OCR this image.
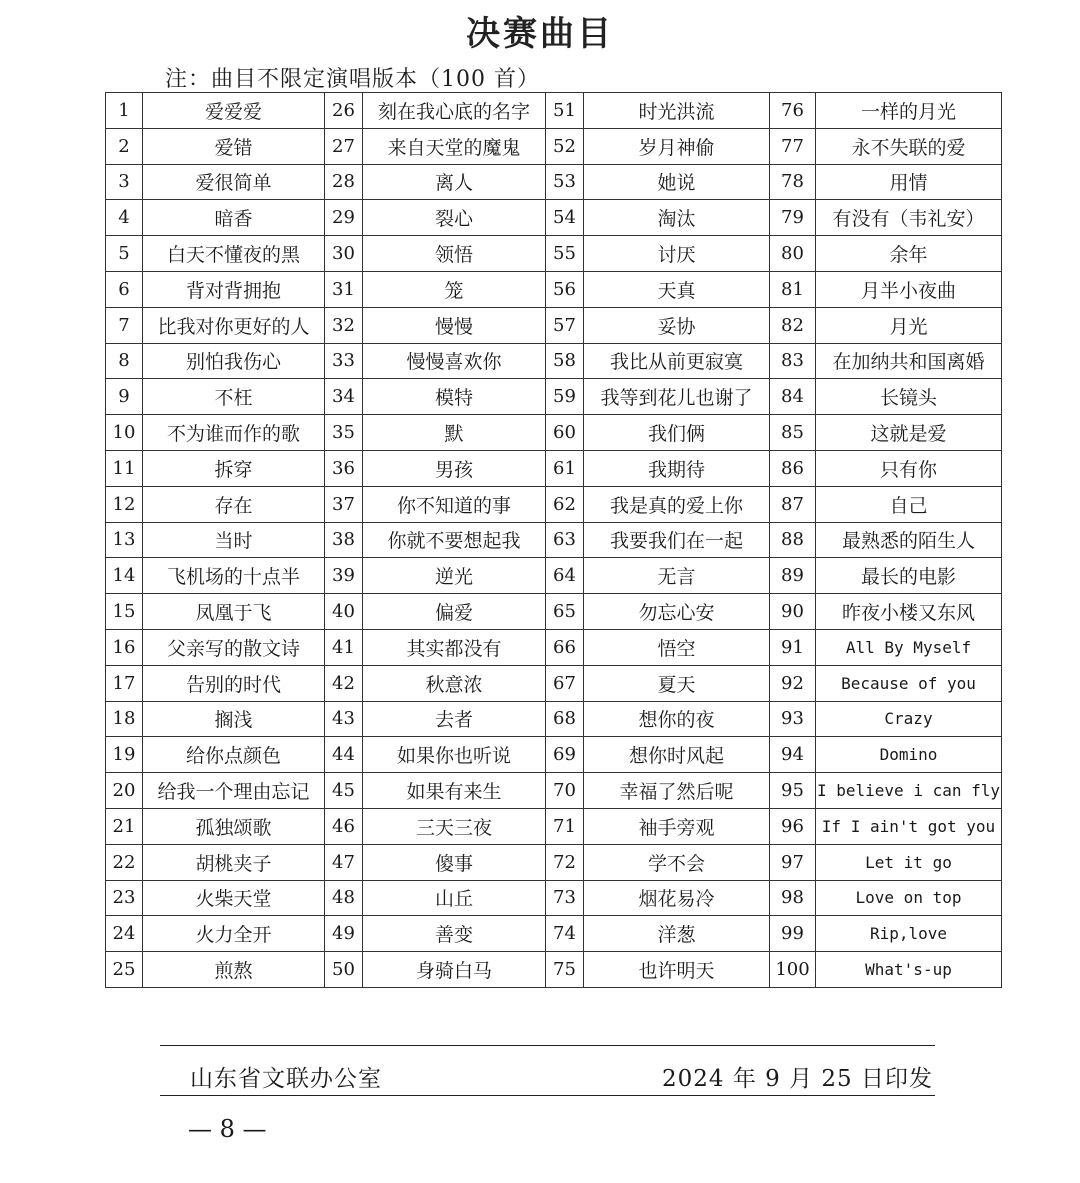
决赛曲目
注：曲目不限定演唱版本（100 首）
1	爱爱爱	26	刻在我心底的名字	51	时光洪流	76	一样的月光
2	爱错	27	来自天堂的魔鬼	52	岁月神偷	77	永不失联的爱
3	爱很简单	28	离人	53	她说	78	用情
4	暗香	29	裂心	54	淘汰	79	有没有（韦礼安）
5	白天不懂夜的黑	30	领悟	55	讨厌	80	余年
6	背对背拥抱	31	笼	56	天真	81	月半小夜曲
7	比我对你更好的人	32	慢慢	57	妥协	82	月光
8	别怕我伤心	33	慢慢喜欢你	58	我比从前更寂寞	83	在加纳共和国离婚
9	不枉	34	模特	59	我等到花儿也谢了	84	长镜头
10	不为谁而作的歌	35	默	60	我们俩	85	这就是爱
11	拆穿	36	男孩	61	我期待	86	只有你
12	存在	37	你不知道的事	62	我是真的爱上你	87	自己
13	当时	38	你就不要想起我	63	我要我们在一起	88	最熟悉的陌生人
14	飞机场的十点半	39	逆光	64	无言	89	最长的电影
15	凤凰于飞	40	偏爱	65	勿忘心安	90	昨夜小楼又东风
16	父亲写的散文诗	41	其实都没有	66	悟空	91	All By Myself
17	告别的时代	42	秋意浓	67	夏天	92	Because of you
18	搁浅	43	去者	68	想你的夜	93	Crazy
19	给你点颜色	44	如果你也听说	69	想你时风起	94	Domino
20	给我一个理由忘记	45	如果有来生	70	幸福了然后呢	95	I believe i can fly
21	孤独颂歌	46	三天三夜	71	袖手旁观	96	If I ain't got you
22	胡桃夹子	47	傻事	72	学不会	97	Let it go
23	火柴天堂	48	山丘	73	烟花易冷	98	Love on top
24	火力全开	49	善变	74	洋葱	99	Rip,love
25	煎熬	50	身骑白马	75	也许明天	100	What's-up
山东省文联办公室	2024 年 9 月 25 日印发
— 8 —
